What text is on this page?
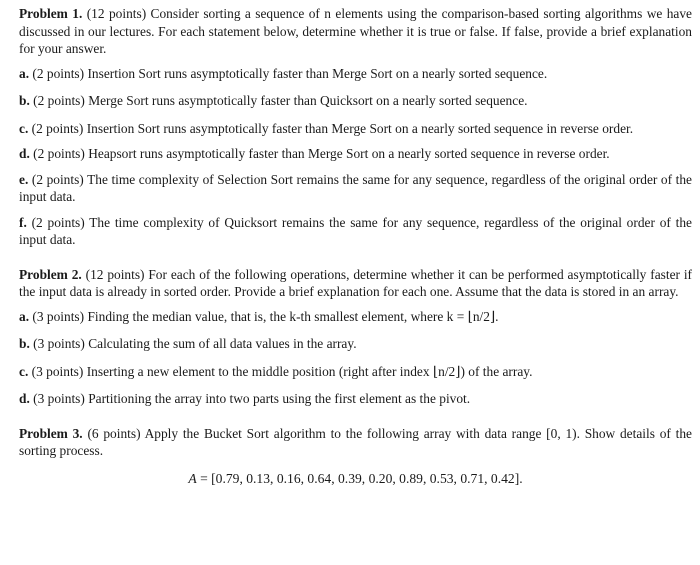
Problem 1. (12 points) Consider sorting a sequence of n elements using the comparison-based sorting algorithms we have discussed in our lectures. For each statement below, determine whether it is true or false. If false, provide a brief explanation for your answer.

a. (2 points) Insertion Sort runs asymptotically faster than Merge Sort on a nearly sorted sequence.

b. (2 points) Merge Sort runs asymptotically faster than Quicksort on a nearly sorted sequence.

c. (2 points) Insertion Sort runs asymptotically faster than Merge Sort on a nearly sorted sequence in reverse order.

d. (2 points) Heapsort runs asymptotically faster than Merge Sort on a nearly sorted sequence in reverse order.

e. (2 points) The time complexity of Selection Sort remains the same for any sequence, regardless of the original order of the input data.

f. (2 points) The time complexity of Quicksort remains the same for any sequence, regardless of the original order of the input data.

Problem 2. (12 points) For each of the following operations, determine whether it can be performed asymptotically faster if the input data is already in sorted order. Provide a brief explanation for each one. Assume that the data is stored in an array.

a. (3 points) Finding the median value, that is, the k-th smallest element, where k = ⌊n/2⌋.

b. (3 points) Calculating the sum of all data values in the array.

c. (3 points) Inserting a new element to the middle position (right after index ⌊n/2⌋) of the array.

d. (3 points) Partitioning the array into two parts using the first element as the pivot.

Problem 3. (6 points) Apply the Bucket Sort algorithm to the following array with data range [0, 1). Show details of the sorting process.

A = [0.79, 0.13, 0.16, 0.64, 0.39, 0.20, 0.89, 0.53, 0.71, 0.42].
